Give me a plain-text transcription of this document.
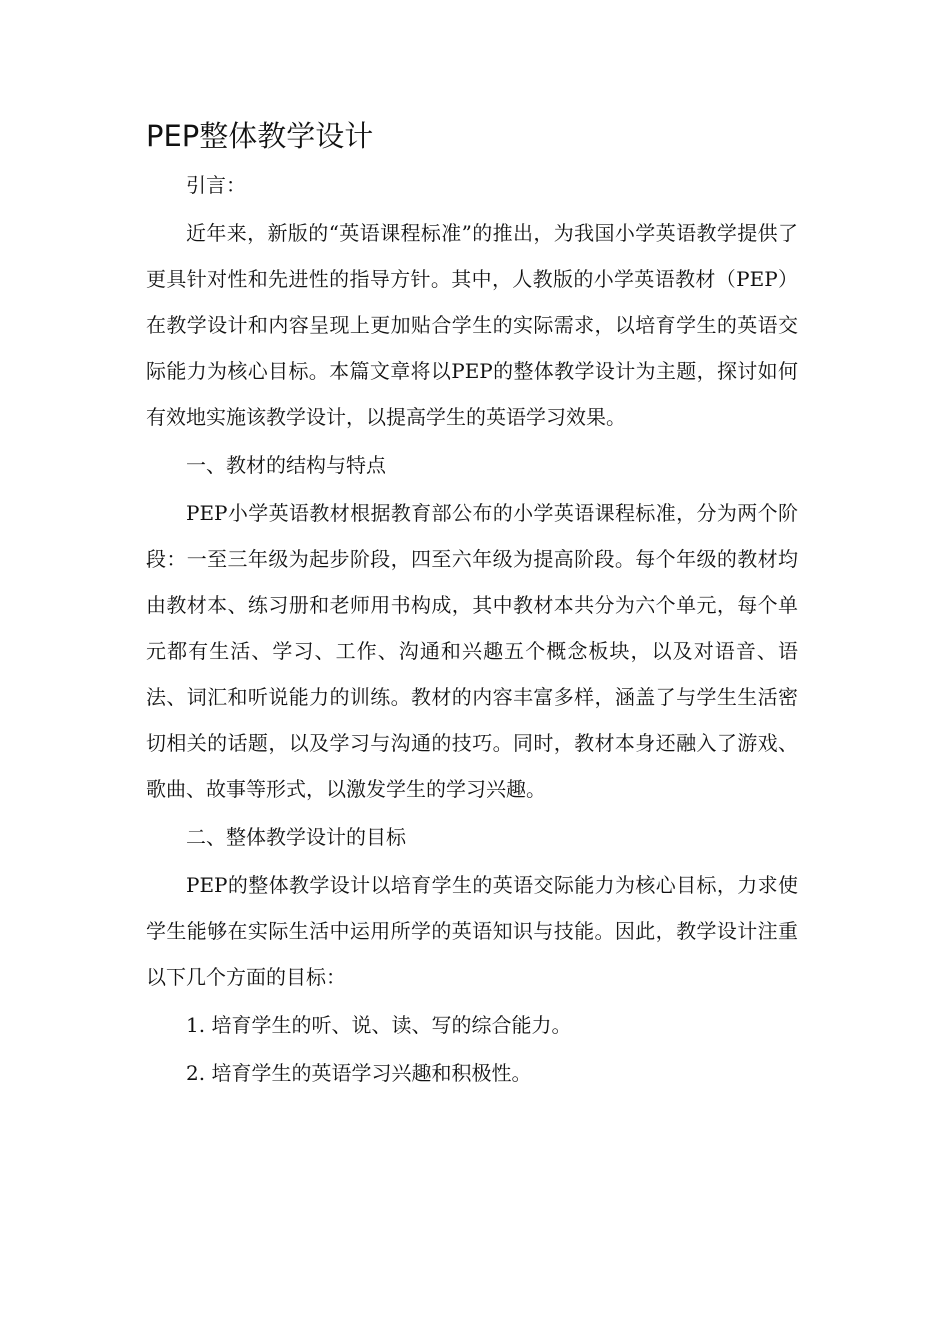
PEP整体教学设计

引言：

近年来，新版的“英语课程标准”的推出，为我国小学英语教学提供了更具针对性和先进性的指导方针。其中，人教版的小学英语教材（PEP）在教学设计和内容呈现上更加贴合学生的实际需求，以培育学生的英语交际能力为核心目标。本篇文章将以PEP的整体教学设计为主题，探讨如何有效地实施该教学设计，以提高学生的英语学习效果。

一、教材的结构与特点

PEP小学英语教材根据教育部公布的小学英语课程标准，分为两个阶段：一至三年级为起步阶段，四至六年级为提高阶段。每个年级的教材均由教材本、练习册和老师用书构成，其中教材本共分为六个单元，每个单元都有生活、学习、工作、沟通和兴趣五个概念板块，以及对语音、语法、词汇和听说能力的训练。教材的内容丰富多样，涵盖了与学生生活密切相关的话题，以及学习与沟通的技巧。同时，教材本身还融入了游戏、歌曲、故事等形式，以激发学生的学习兴趣。

二、整体教学设计的目标

PEP的整体教学设计以培育学生的英语交际能力为核心目标，力求使学生能够在实际生活中运用所学的英语知识与技能。因此，教学设计注重以下几个方面的目标：

1. 培育学生的听、说、读、写的综合能力。

2. 培育学生的英语学习兴趣和积极性。
